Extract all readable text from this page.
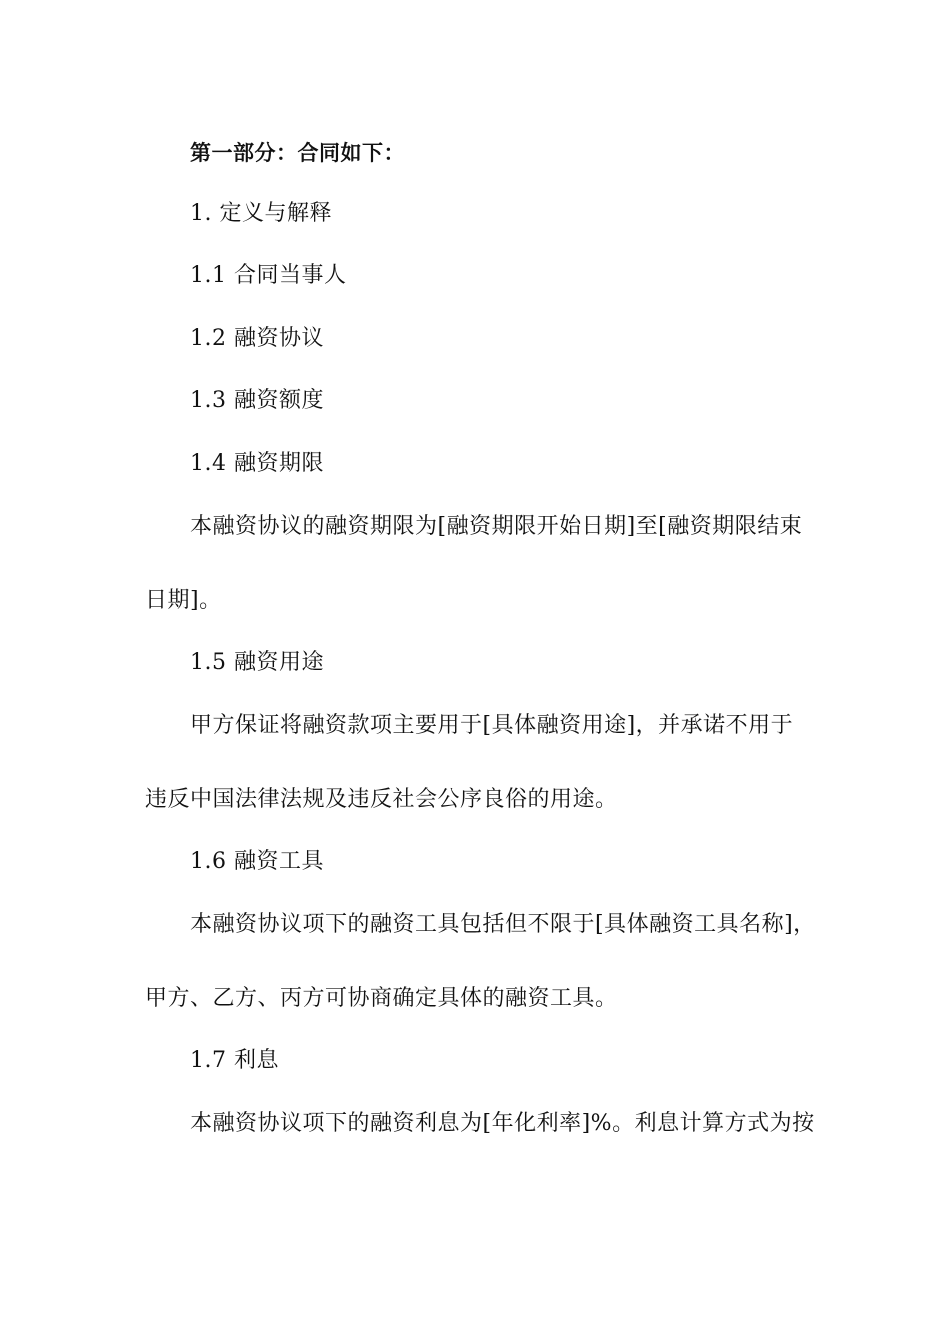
第一部分：合同如下：
1. 定义与解释
1.1 合同当事人
1.2 融资协议
1.3 融资额度
1.4 融资期限
本融资协议的融资期限为[融资期限开始日期]至[融资期限结束
日期]。
1.5 融资用途
甲方保证将融资款项主要用于[具体融资用途]，并承诺不用于
违反中国法律法规及违反社会公序良俗的用途。
1.6 融资工具
本融资协议项下的融资工具包括但不限于[具体融资工具名称]，
甲方、乙方、丙方可协商确定具体的融资工具。
1.7 利息
本融资协议项下的融资利息为[年化利率]%。利息计算方式为按
